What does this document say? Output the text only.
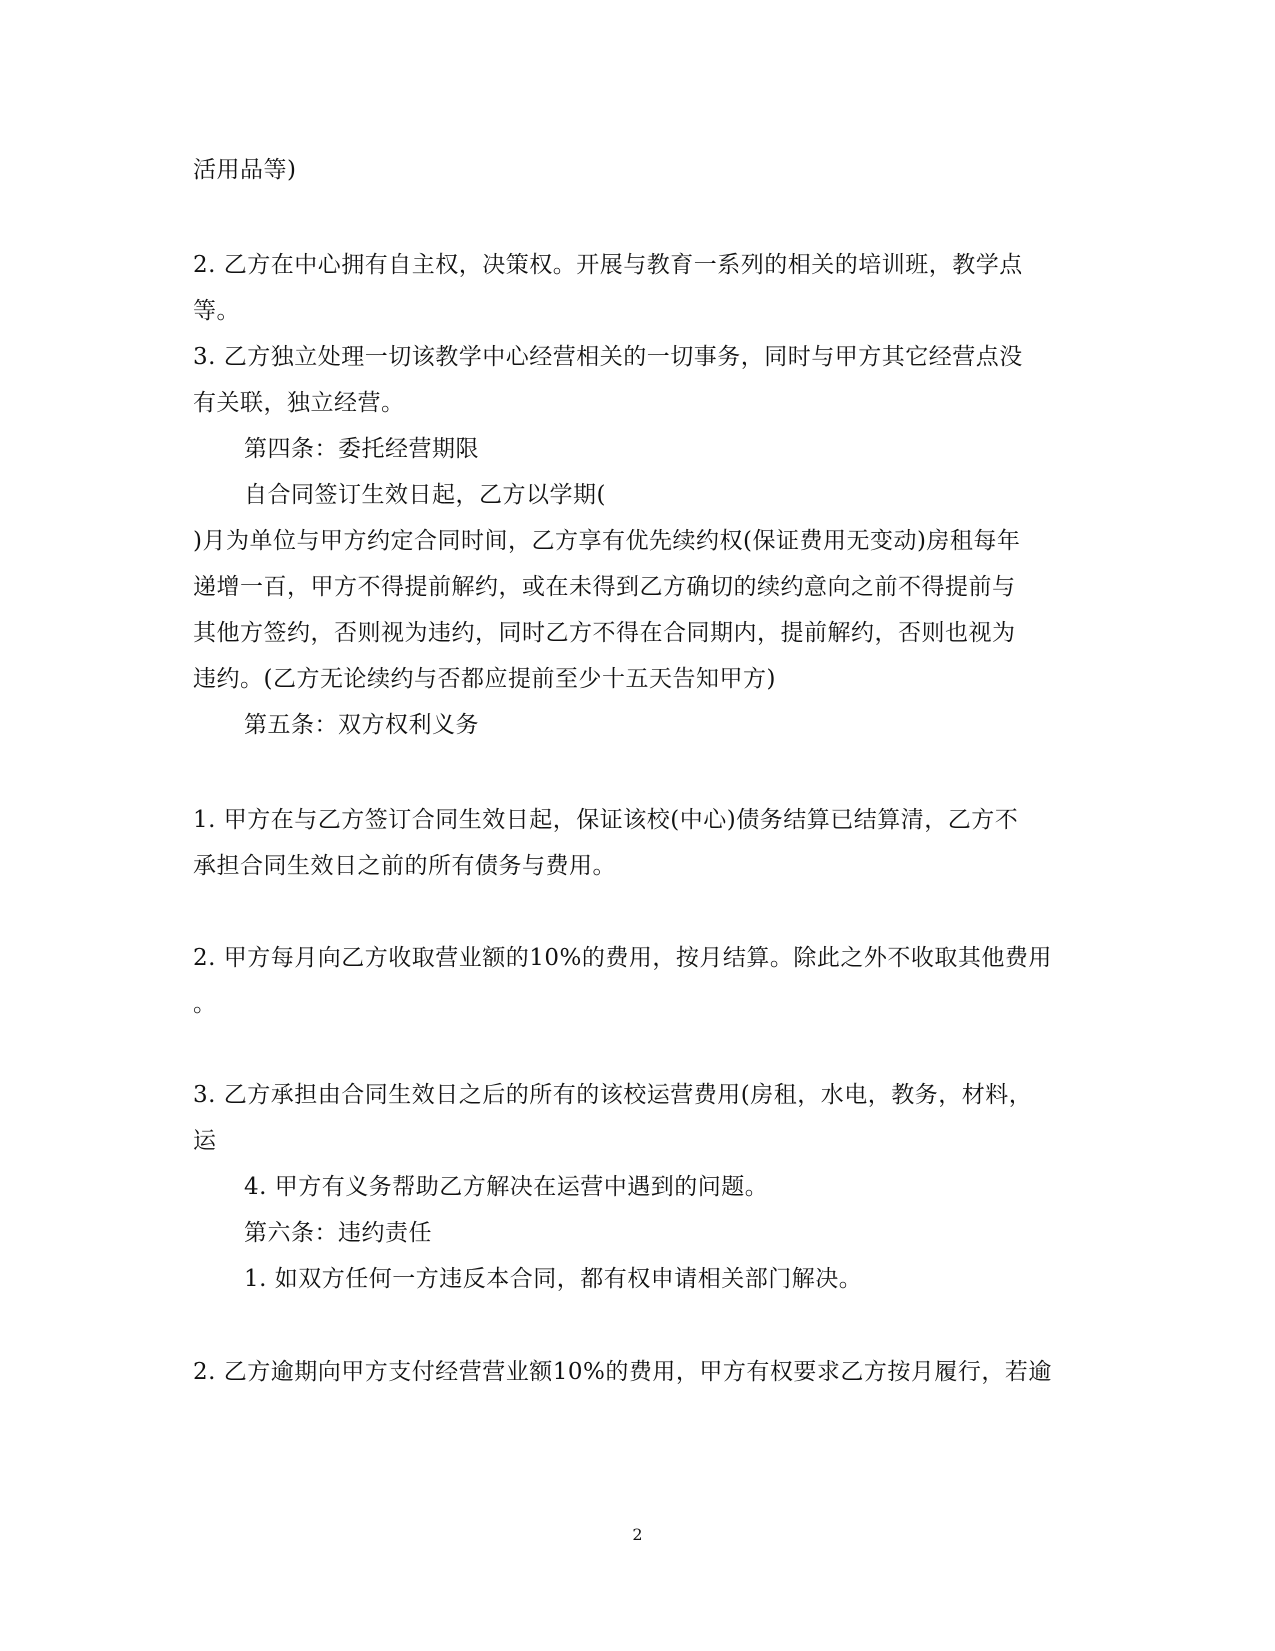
活用品等)
2. 乙方在中心拥有自主权，决策权。开展与教育一系列的相关的培训班，教学点
等。
3. 乙方独立处理一切该教学中心经营相关的一切事务，同时与甲方其它经营点没
有关联，独立经营。
第四条：委托经营期限
自合同签订生效日起，乙方以学期(
)月为单位与甲方约定合同时间，乙方享有优先续约权(保证费用无变动)房租每年
递增一百，甲方不得提前解约，或在未得到乙方确切的续约意向之前不得提前与
其他方签约，否则视为违约，同时乙方不得在合同期内，提前解约，否则也视为
违约。(乙方无论续约与否都应提前至少十五天告知甲方)
第五条：双方权利义务
1. 甲方在与乙方签订合同生效日起，保证该校(中心)债务结算已结算清，乙方不
承担合同生效日之前的所有债务与费用。
2. 甲方每月向乙方收取营业额的10%的费用，按月结算。除此之外不收取其他费用
。
3. 乙方承担由合同生效日之后的所有的该校运营费用(房租，水电，教务，材料，
运
4. 甲方有义务帮助乙方解决在运营中遇到的问题。
第六条：违约责任
1. 如双方任何一方违反本合同，都有权申请相关部门解决。
2. 乙方逾期向甲方支付经营营业额10%的费用，甲方有权要求乙方按月履行，若逾
2
